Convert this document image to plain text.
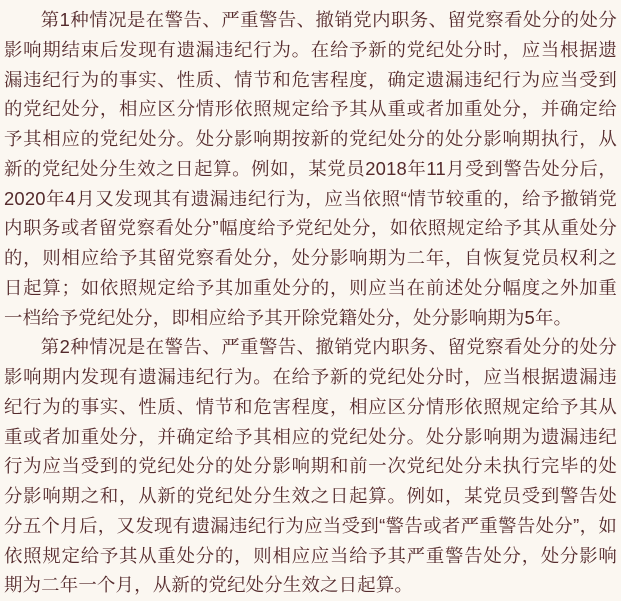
第1种情况是在警告、严重警告、撤销党内职务、留党察看处分的处分
影响期结束后发现有遗漏违纪行为。在给予新的党纪处分时，应当根据遗
漏违纪行为的事实、性质、情节和危害程度，确定遗漏违纪行为应当受到
的党纪处分，相应区分情形依照规定给予其从重或者加重处分，并确定给
予其相应的党纪处分。处分影响期按新的党纪处分的处分影响期执行，从
新的党纪处分生效之日起算。例如，某党员2018年11月受到警告处分后，
2020年4月又发现其有遗漏违纪行为，应当依照“情节较重的，给予撤销党
内职务或者留党察看处分”幅度给予党纪处分，如依照规定给予其从重处分
的，则相应给予其留党察看处分，处分影响期为二年，自恢复党员权利之
日起算；如依照规定给予其加重处分的，则应当在前述处分幅度之外加重
一档给予党纪处分，即相应给予其开除党籍处分，处分影响期为5年。
第2种情况是在警告、严重警告、撤销党内职务、留党察看处分的处分
影响期内发现有遗漏违纪行为。在给予新的党纪处分时，应当根据遗漏违
纪行为的事实、性质、情节和危害程度，相应区分情形依照规定给予其从
重或者加重处分，并确定给予其相应的党纪处分。处分影响期为遗漏违纪
行为应当受到的党纪处分的处分影响期和前一次党纪处分未执行完毕的处
分影响期之和，从新的党纪处分生效之日起算。例如，某党员受到警告处
分五个月后，又发现有遗漏违纪行为应当受到“警告或者严重警告处分”，如
依照规定给予其从重处分的，则相应应当给予其严重警告处分，处分影响
期为二年一个月，从新的党纪处分生效之日起算。
